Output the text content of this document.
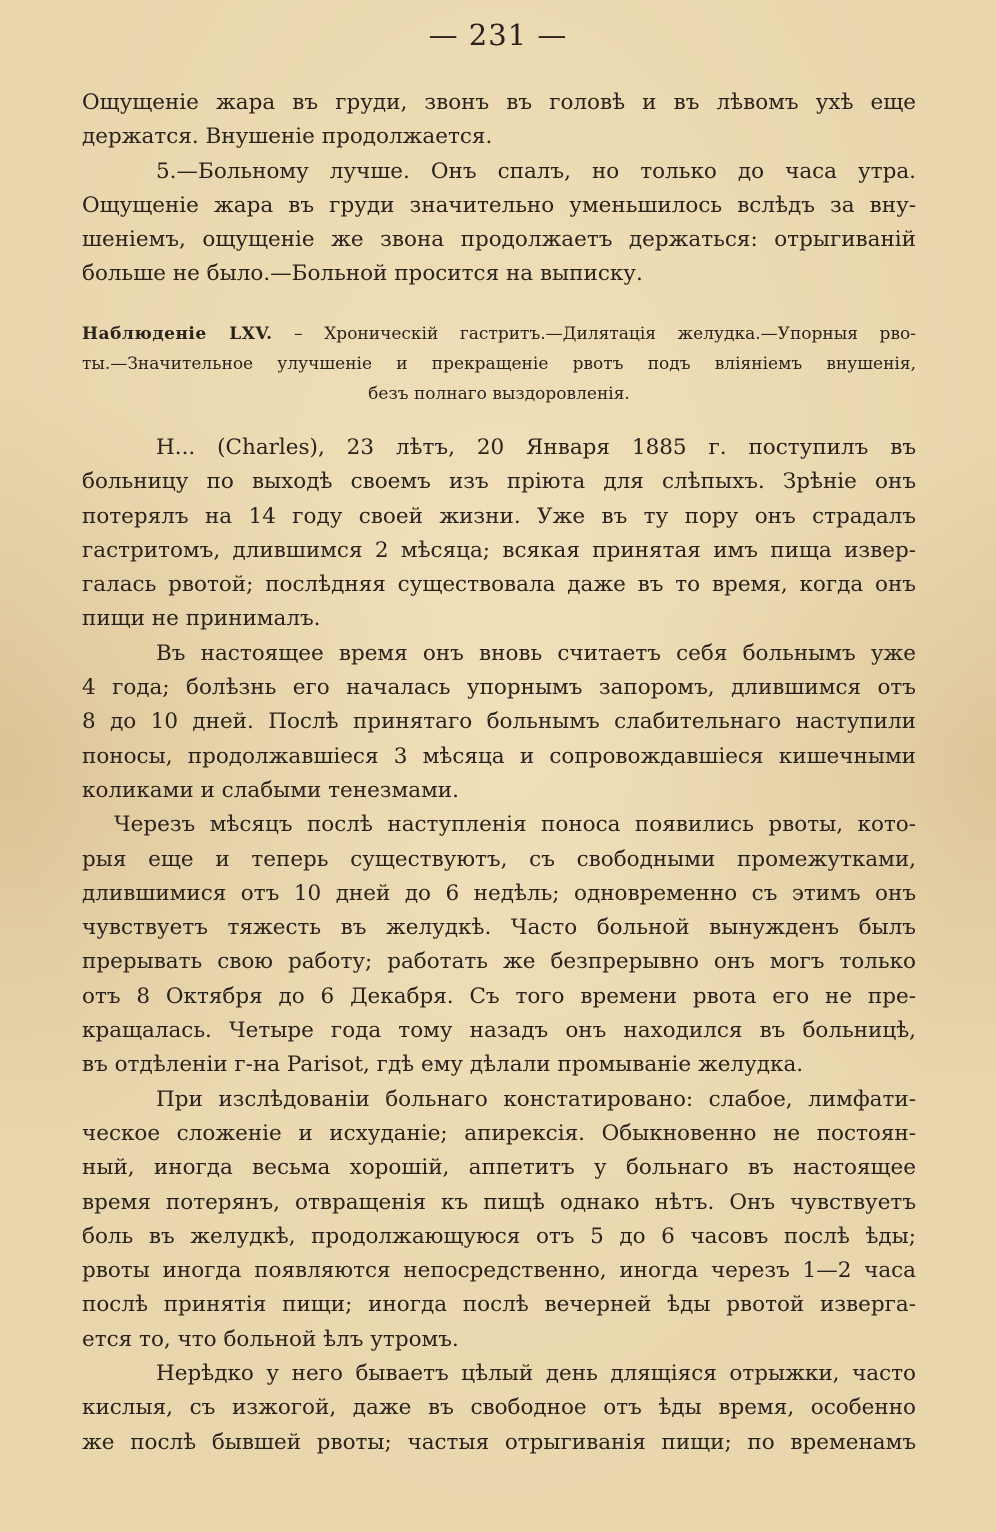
— 231 —
Ощущеніе жара въ груди, звонъ въ головѣ и въ лѣвомъ ухѣ еще
держатся. Внушеніе продолжается.
5.—Больному лучше. Онъ спалъ, но только до часа утра.
Ощущеніе жара въ груди значительно уменьшилось вслѣдъ за вну-
шеніемъ, ощущеніе же звона продолжаетъ держаться: отрыгиваній
больше не было.—Больной просится на выписку.
Наблюденіе LXV. – Хроническій гастритъ.—Дилятація желудка.—Упорныя рво-
ты.—Значительное улучшеніе и прекращеніе рвотъ подъ вліяніемъ внушенія,
безъ полнаго выздоровленія.
Н... (Charles), 23 лѣтъ, 20 Января 1885 г. поступилъ въ
больницу по выходѣ своемъ изъ пріюта для слѣпыхъ. Зрѣніе онъ
потерялъ на 14 году своей жизни. Уже въ ту пору онъ страдалъ
гастритомъ, длившимся 2 мѣсяца; всякая принятая имъ пища извер-
галась рвотой; послѣдняя существовала даже въ то время, когда онъ
пищи не принималъ.
Въ настоящее время онъ вновь считаетъ себя больнымъ уже
4 года; болѣзнь его началась упорнымъ запоромъ, длившимся отъ
8 до 10 дней. Послѣ принятаго больнымъ слабительнаго наступили
поносы, продолжавшіеся 3 мѣсяца и сопровождавшіеся кишечными
коликами и слабыми тенезмами.
Черезъ мѣсяцъ послѣ наступленія поноса появились рвоты, кото-
рыя еще и теперь существуютъ, съ свободными промежутками,
длившимися отъ 10 дней до 6 недѣль; одновременно съ этимъ онъ
чувствуетъ тяжесть въ желудкѣ. Часто больной вынужденъ былъ
прерывать свою работу; работать же безпрерывно онъ могъ только
отъ 8 Октября до 6 Декабря. Съ того времени рвота его не пре-
кращалась. Четыре года тому назадъ онъ находился въ больницѣ,
въ отдѣленіи г-на Parisot, гдѣ ему дѣлали промываніе желудка.
При изслѣдованіи больнаго констатировано: слабое, лимфати-
ческое сложеніе и исхуданіе; апирексія. Обыкновенно не постоян-
ный, иногда весьма хорошій, аппетитъ у больнаго въ настоящее
время потерянъ, отвращенія къ пищѣ однако нѣтъ. Онъ чувствуетъ
боль въ желудкѣ, продолжающуюся отъ 5 до 6 часовъ послѣ ѣды;
рвоты иногда появляются непосредственно, иногда черезъ 1—2 часа
послѣ принятія пищи; иногда послѣ вечерней ѣды рвотой извергa-
ется то, что больной ѣлъ утромъ.
Нерѣдко у него бываетъ цѣлый день длящіяся отрыжки, часто
кислыя, съ изжогой, даже въ свободное отъ ѣды время, особенно
же послѣ бывшей рвоты; частыя отрыгиванія пищи; по временамъ
